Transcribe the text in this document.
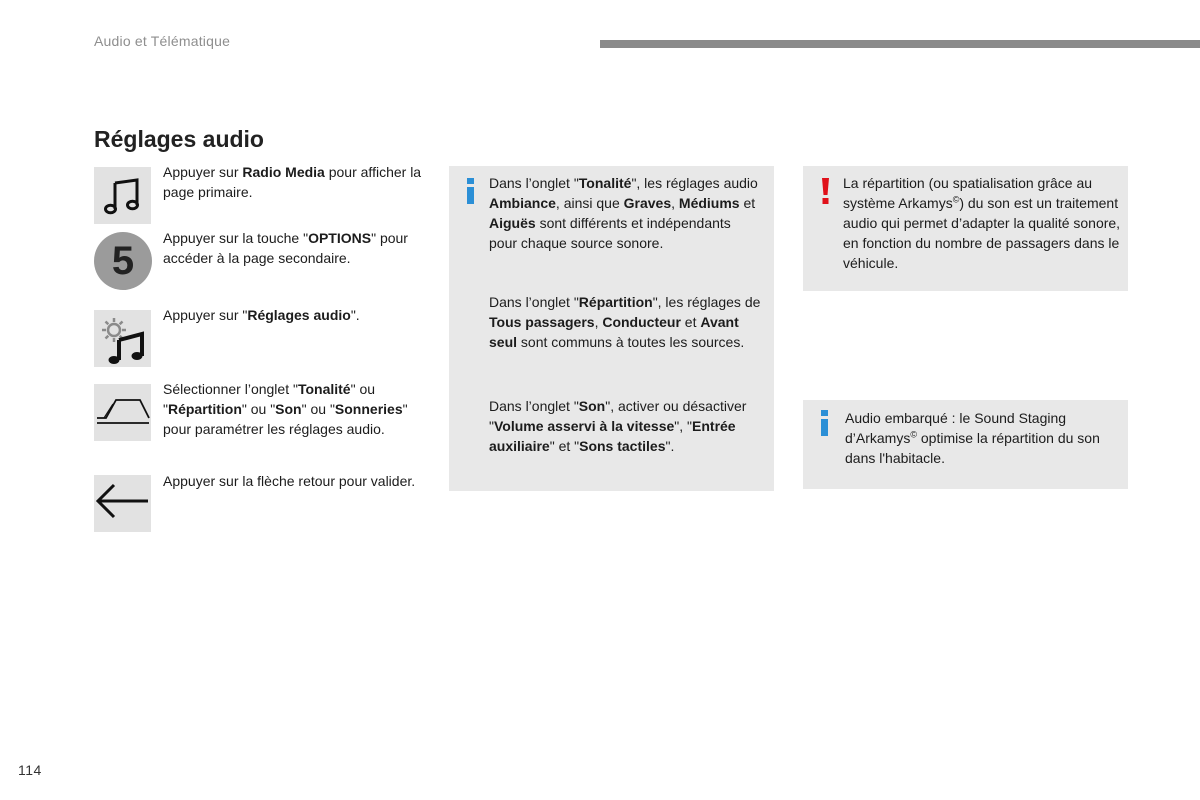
Audio et Télématique
Réglages audio
Appuyer sur Radio Media pour afficher la page primaire.
5
Appuyer sur la touche "OPTIONS" pour accéder à la page secondaire.
Appuyer sur "Réglages audio".
Sélectionner l’onglet "Tonalité" ou "Répartition" ou "Son" ou "Sonneries" pour paramétrer les réglages audio.
Appuyer sur la flèche retour pour valider.
Dans l’onglet "Tonalité", les réglages audio Ambiance, ainsi que Graves, Médiums et Aiguës sont différents et indépendants pour chaque source sonore.
Dans l’onglet "Répartition", les réglages de Tous passagers, Conducteur et Avant seul sont communs à toutes les sources.
Dans l’onglet "Son", activer ou désactiver "Volume asservi à la vitesse", "Entrée auxiliaire" et "Sons tactiles".
La répartition (ou spatialisation grâce au système Arkamys©) du son est un traitement audio qui permet d’adapter la qualité sonore, en fonction du nombre de passagers dans le véhicule.
Audio embarqué : le Sound Staging d’Arkamys© optimise la répartition du son dans l'habitacle.
114
